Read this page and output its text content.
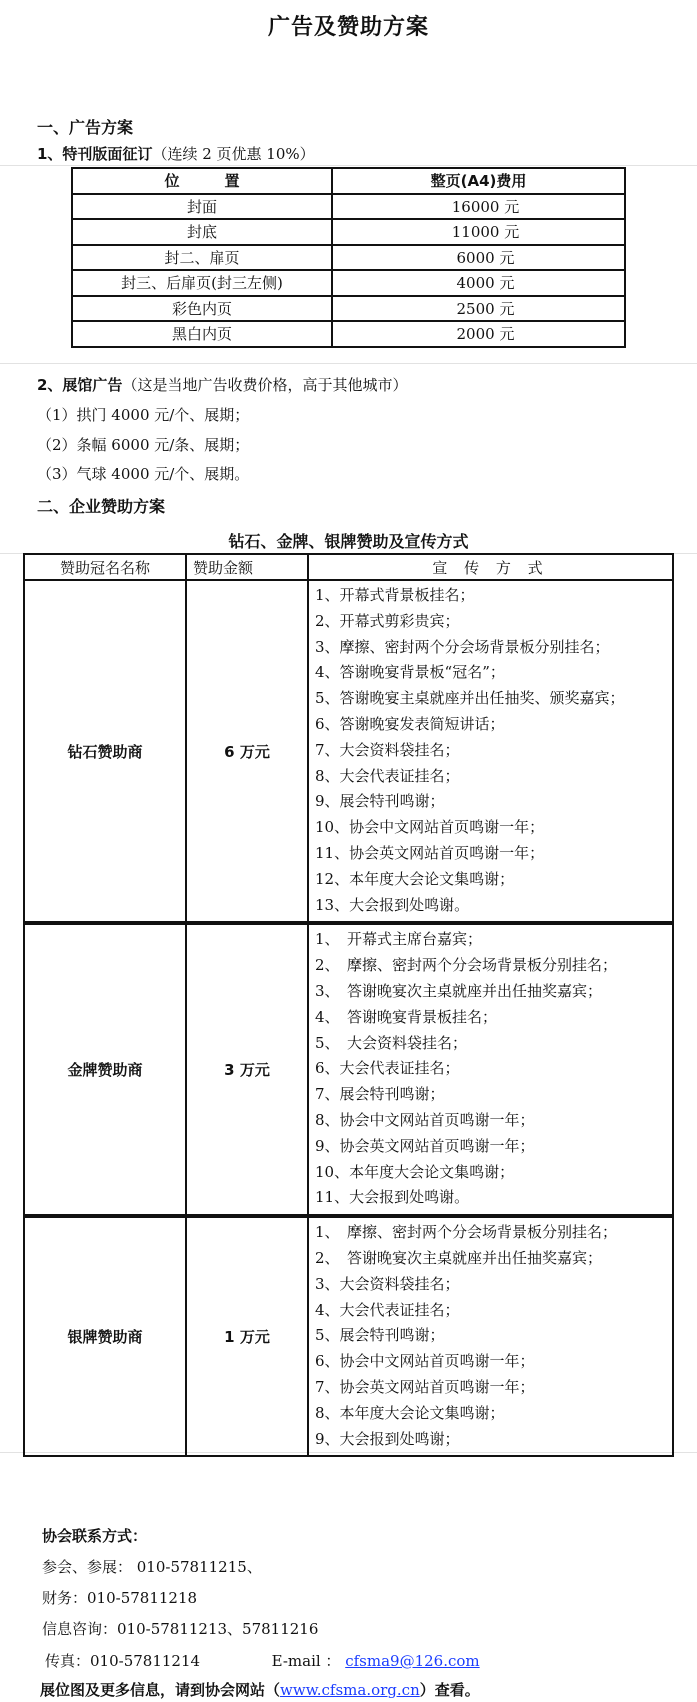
广告及赞助方案
一、广告方案
1、特刊版面征订（连续 2 页优惠 10%）
位　　　置	整页(A4)费用
封面	16000 元
封底	11000 元
封二、扉页	6000 元
封三、后扉页(封三左侧)	4000 元
彩色内页	2500 元
黑白内页	2000 元
2、展馆广告（这是当地广告收费价格，高于其他城市）
（1）拱门 4000 元/个、展期；
（2）条幅 6000 元/条、展期；
（3）气球 4000 元/个、展期。
二、企业赞助方案
钻石、金牌、银牌赞助及宣传方式
赞助冠名名称	赞助金额	宣 传 方 式
钻石赞助商	6 万元	
1、开幕式背景板挂名；
2、开幕式剪彩贵宾；
3、摩擦、密封两个分会场背景板分别挂名；
4、答谢晚宴背景板“冠名”；
5、答谢晚宴主桌就座并出任抽奖、颁奖嘉宾；
6、答谢晚宴发表简短讲话；
7、大会资料袋挂名；
8、大会代表证挂名；
9、展会特刊鸣谢；
10、协会中文网站首页鸣谢一年；
11、协会英文网站首页鸣谢一年；
12、本年度大会论文集鸣谢；
13、大会报到处鸣谢。

金牌赞助商	3 万元	
1、　开幕式主席台嘉宾；
2、　摩擦、密封两个分会场背景板分别挂名；
3、　答谢晚宴次主桌就座并出任抽奖嘉宾；
4、　答谢晚宴背景板挂名；
5、　大会资料袋挂名；
6、大会代表证挂名；
7、展会特刊鸣谢；
8、协会中文网站首页鸣谢一年；
9、协会英文网站首页鸣谢一年；
10、本年度大会论文集鸣谢；
11、大会报到处鸣谢。

银牌赞助商	1 万元	
1、　摩擦、密封两个分会场背景板分别挂名；
2、　答谢晚宴次主桌就座并出任抽奖嘉宾；
3、大会资料袋挂名；
4、大会代表证挂名；
5、展会特刊鸣谢；
6、协会中文网站首页鸣谢一年；
7、协会英文网站首页鸣谢一年；
8、本年度大会论文集鸣谢；
9、大会报到处鸣谢；
协会联系方式：
参会、参展： 010-57811215、
财务：010-57811218
信息咨询：010-57811213、57811216
传真：010-57811214	E-mail ： cfsma9@126.com
展位图及更多信息，请到协会网站（www.cfsma.org.cn）查看。
